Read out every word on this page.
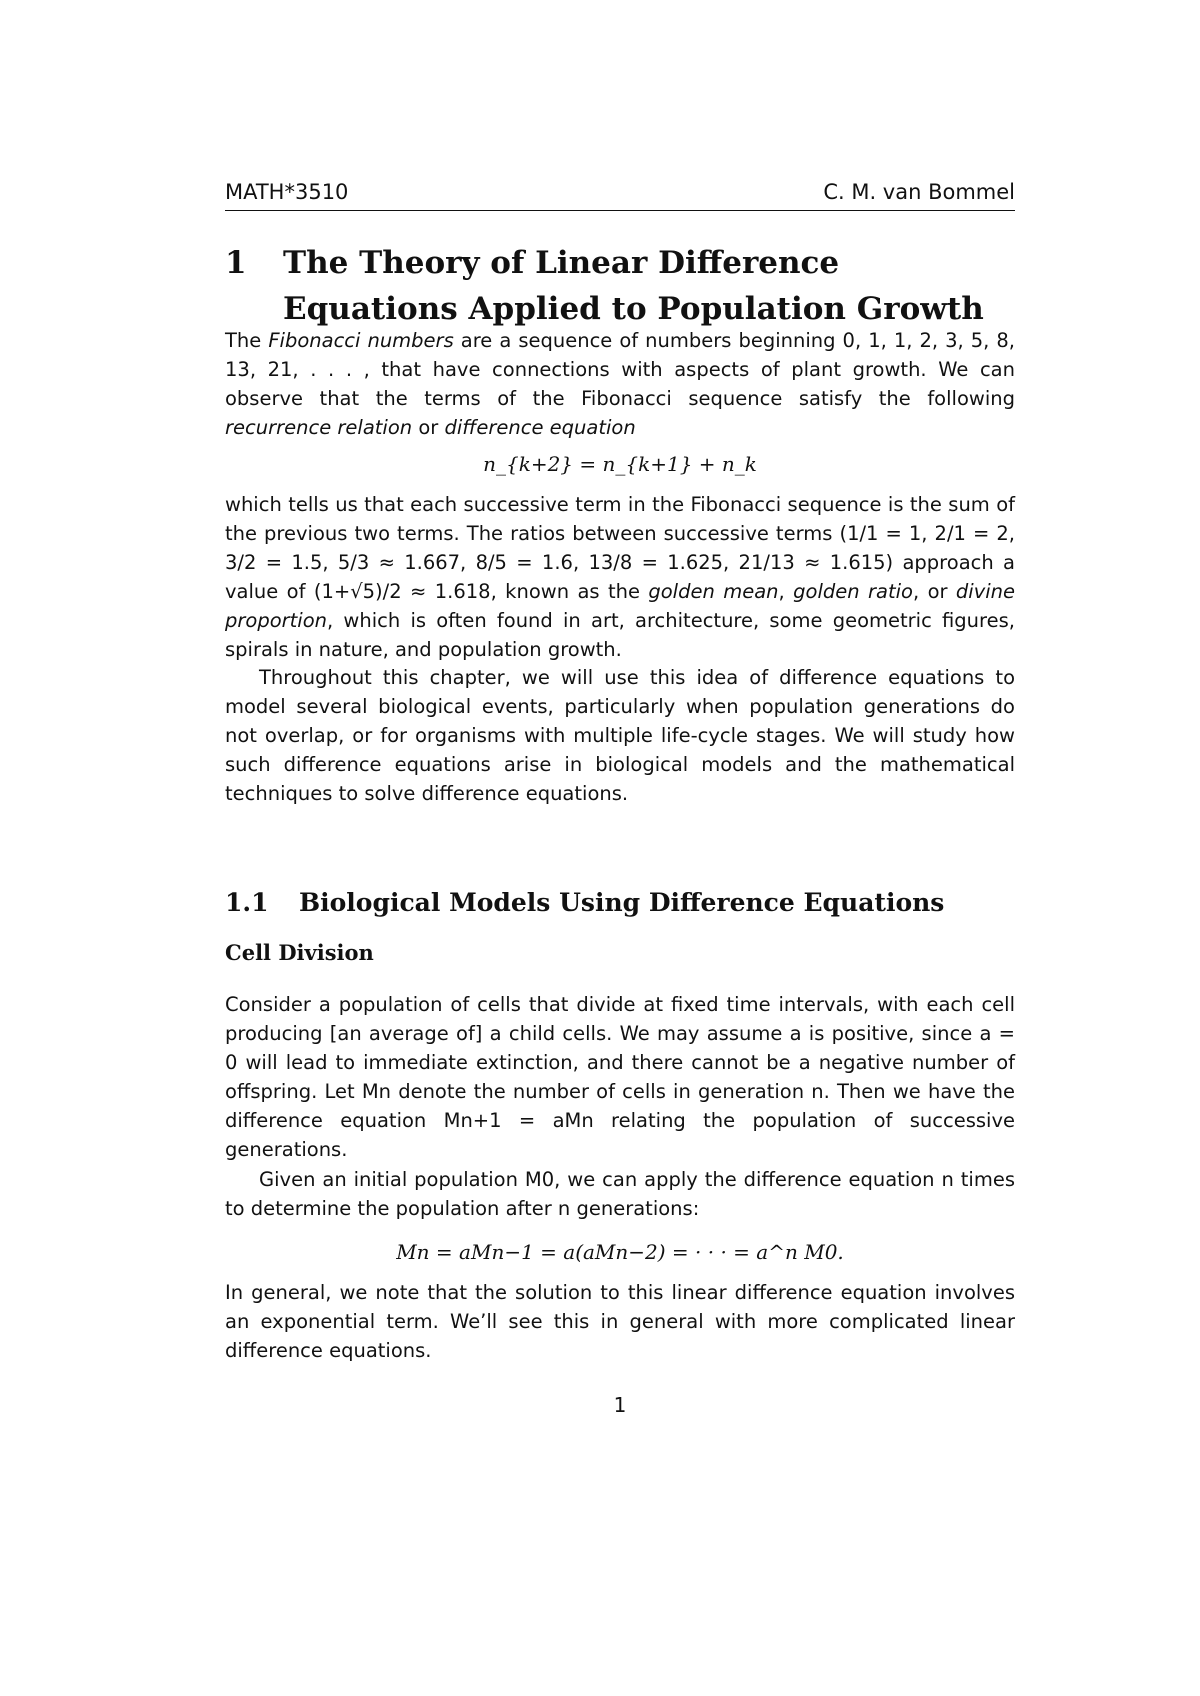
MATH*3510	C. M. van Bommel
1 The Theory of Linear Difference Equations Applied to Population Growth

The Fibonacci numbers are a sequence of numbers beginning 0, 1, 1, 2, 3, 5, 8, 13, 21, . . . , that have connections with aspects of plant growth. We can observe that the terms of the Fibonacci sequence satisfy the following recurrence relation or difference equation

n_{k+2} = n_{k+1} + n_k

which tells us that each successive term in the Fibonacci sequence is the sum of the previous two terms. The ratios between successive terms (1/1 = 1, 2/1 = 2, 3/2 = 1.5, 5/3 ≈ 1.667, 8/5 = 1.6, 13/8 = 1.625, 21/13 ≈ 1.615) approach a value of (1+√5)/2 ≈ 1.618, known as the golden mean, golden ratio, or divine proportion, which is often found in art, architecture, some geometric figures, spirals in nature, and population growth.

Throughout this chapter, we will use this idea of difference equations to model several biological events, particularly when population generations do not overlap, or for organisms with multiple life-cycle stages. We will study how such difference equations arise in biological models and the mathematical techniques to solve difference equations.

1.1 Biological Models Using Difference Equations
Cell Division

Consider a population of cells that divide at fixed time intervals, with each cell producing [an average of] a child cells. We may assume a is positive, since a = 0 will lead to immediate extinction, and there cannot be a negative number of offspring. Let Mn denote the number of cells in generation n. Then we have the difference equation Mn+1 = aMn relating the population of successive generations.

Given an initial population M0, we can apply the difference equation n times to determine the population after n generations:

Mn = aMn−1 = a(aMn−2) = · · · = a^n M0.

In general, we note that the solution to this linear difference equation involves an exponential term. We’ll see this in general with more complicated linear difference equations.

1
